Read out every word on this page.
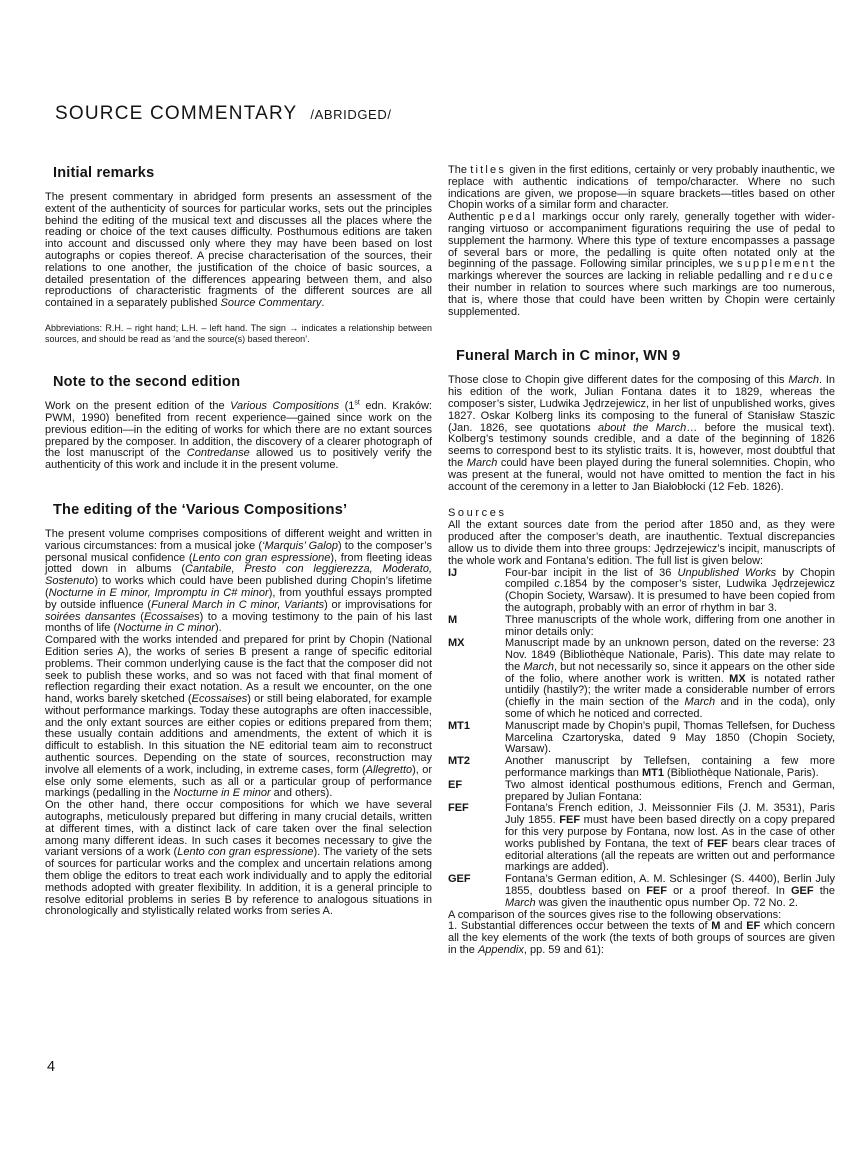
SOURCE COMMENTARY /ABRIDGED/
Initial remarks

The present commentary in abridged form presents an assessment of the extent of the authenticity of sources for particular works, sets out the principles behind the editing of the musical text and discusses all the places where the reading or choice of the text causes difficulty. Posthumous editions are taken into account and discussed only where they may have been based on lost autographs or copies thereof. A precise characterisation of the sources, their relations to one another, the justification of the choice of basic sources, a detailed presentation of the differences appearing between them, and also reproductions of characteristic fragments of the different sources are all contained in a separately published Source Commentary.

Abbreviations: R.H. – right hand; L.H. – left hand. The sign → indicates a relationship between sources, and should be read as ‘and the source(s) based thereon’.

Note to the second edition

Work on the present edition of the Various Compositions (1st edn. Kraków: PWM, 1990) benefited from recent experience—gained since work on the previous edition—in the editing of works for which there are no extant sources prepared by the composer. In addition, the discovery of a clearer photograph of the lost manuscript of the Contredanse allowed us to positively verify the authenticity of this work and include it in the present volume.

The editing of the ‘Various Compositions’

The present volume comprises compositions of different weight and written in various circumstances: from a musical joke (‘Marquis’ Galop) to the composer’s personal musical confidence (Lento con gran espressione), from fleeting ideas jotted down in albums (Cantabile, Presto con leggierezza, Moderato, Sostenuto) to works which could have been published during Chopin’s lifetime (Nocturne in E minor, Impromptu in C# minor), from youthful essays prompted by outside influence (Funeral March in C minor, Variants) or improvisations for soirées dansantes (Ecossaises) to a moving testimony to the pain of his last months of life (Nocturne in C minor).

Compared with the works intended and prepared for print by Chopin (National Edition series A), the works of series B present a range of specific editorial problems. Their common underlying cause is the fact that the composer did not seek to publish these works, and so was not faced with that final moment of reflection regarding their exact notation. As a result we encounter, on the one hand, works barely sketched (Ecossaises) or still being elaborated, for example without performance markings. Today these autographs are often inaccessible, and the only extant sources are either copies or editions prepared from them; these usually contain additions and amendments, the extent of which it is difficult to establish. In this situation the NE editorial team aim to reconstruct authentic sources. Depending on the state of sources, reconstruction may involve all elements of a work, including, in extreme cases, form (Allegretto), or else only some elements, such as all or a particular group of performance markings (pedalling in the Nocturne in E minor and others).

On the other hand, there occur compositions for which we have several autographs, meticulously prepared but differing in many crucial details, written at different times, with a distinct lack of care taken over the final selection among many different ideas. In such cases it becomes necessary to give the variant versions of a work (Lento con gran espressione). The variety of the sets of sources for particular works and the complex and uncertain relations among them oblige the editors to treat each work individually and to apply the editorial methods adopted with greater flexibility. In addition, it is a general principle to resolve editorial problems in series B by reference to analogous situations in chronologically and stylistically related works from series A.

The titles given in the first editions, certainly or very probably inauthentic, we replace with authentic indications of tempo/character. Where no such indications are given, we propose—in square brackets—titles based on other Chopin works of a similar form and character.

Authentic pedal markings occur only rarely, generally together with wider-ranging virtuoso or accompaniment figurations requiring the use of pedal to supplement the harmony. Where this type of texture encompasses a passage of several bars or more, the pedalling is quite often notated only at the beginning of the passage. Following similar principles, we supplement the markings wherever the sources are lacking in reliable pedalling and reduce their number in relation to sources where such markings are too numerous, that is, where those that could have been written by Chopin were certainly supplemented.

Funeral March in C minor, WN 9

Those close to Chopin give different dates for the composing of this March. In his edition of the work, Julian Fontana dates it to 1829, whereas the composer’s sister, Ludwika Jędrzejewicz, in her list of unpublished works, gives 1827. Oskar Kolberg links its composing to the funeral of Stanisław Staszic (Jan. 1826, see quotations about the March… before the musical text). Kolberg’s testimony sounds credible, and a date of the beginning of 1826 seems to correspond best to its stylistic traits. It is, however, most doubtful that the March could have been played during the funeral solemnities. Chopin, who was present at the funeral, would not have omitted to mention the fact in his account of the ceremony in a letter to Jan Białobłocki (12 Feb. 1826).

Sources

All the extant sources date from the period after 1850 and, as they were produced after the composer’s death, are inauthentic. Textual discrepancies allow us to divide them into three groups: Jędrzejewicz’s incipit, manuscripts of the whole work and Fontana’s edition. The full list is given below:

IJ	Four-bar incipit in the list of 36 Unpublished Works by Chopin compiled c.1854 by the composer’s sister, Ludwika Jędrzejewicz (Chopin Society, Warsaw). It is presumed to have been copied from the autograph, probably with an error of rhythm in bar 3.
M	Three manuscripts of the whole work, differing from one another in minor details only:
MX	Manuscript made by an unknown person, dated on the reverse: 23 Nov. 1849 (Bibliothèque Nationale, Paris). This date may relate to the March, but not necessarily so, since it appears on the other side of the folio, where another work is written. MX is notated rather untidily (hastily?); the writer made a considerable number of errors (chiefly in the main section of the March and in the coda), only some of which he noticed and corrected.
MT1	Manuscript made by Chopin’s pupil, Thomas Tellefsen, for Duchess Marcelina Czartoryska, dated 9 May 1850 (Chopin Society, Warsaw).
MT2	Another manuscript by Tellefsen, containing a few more performance markings than MT1 (Bibliothèque Nationale, Paris).
EF	Two almost identical posthumous editions, French and German, prepared by Julian Fontana:
FEF	Fontana’s French edition, J. Meissonnier Fils (J. M. 3531), Paris July 1855. FEF must have been based directly on a copy prepared for this very purpose by Fontana, now lost. As in the case of other works published by Fontana, the text of FEF bears clear traces of editorial alterations (all the repeats are written out and performance markings are added).
GEF	Fontana’s German edition, A. M. Schlesinger (S. 4400), Berlin July 1855, doubtless based on FEF or a proof thereof. In GEF the March was given the inauthentic opus number Op. 72 No. 2.

A comparison of the sources gives rise to the following observations:

1. Substantial differences occur between the texts of M and EF which concern all the key elements of the work (the texts of both groups of sources are given in the Appendix, pp. 59 and 61):

4
